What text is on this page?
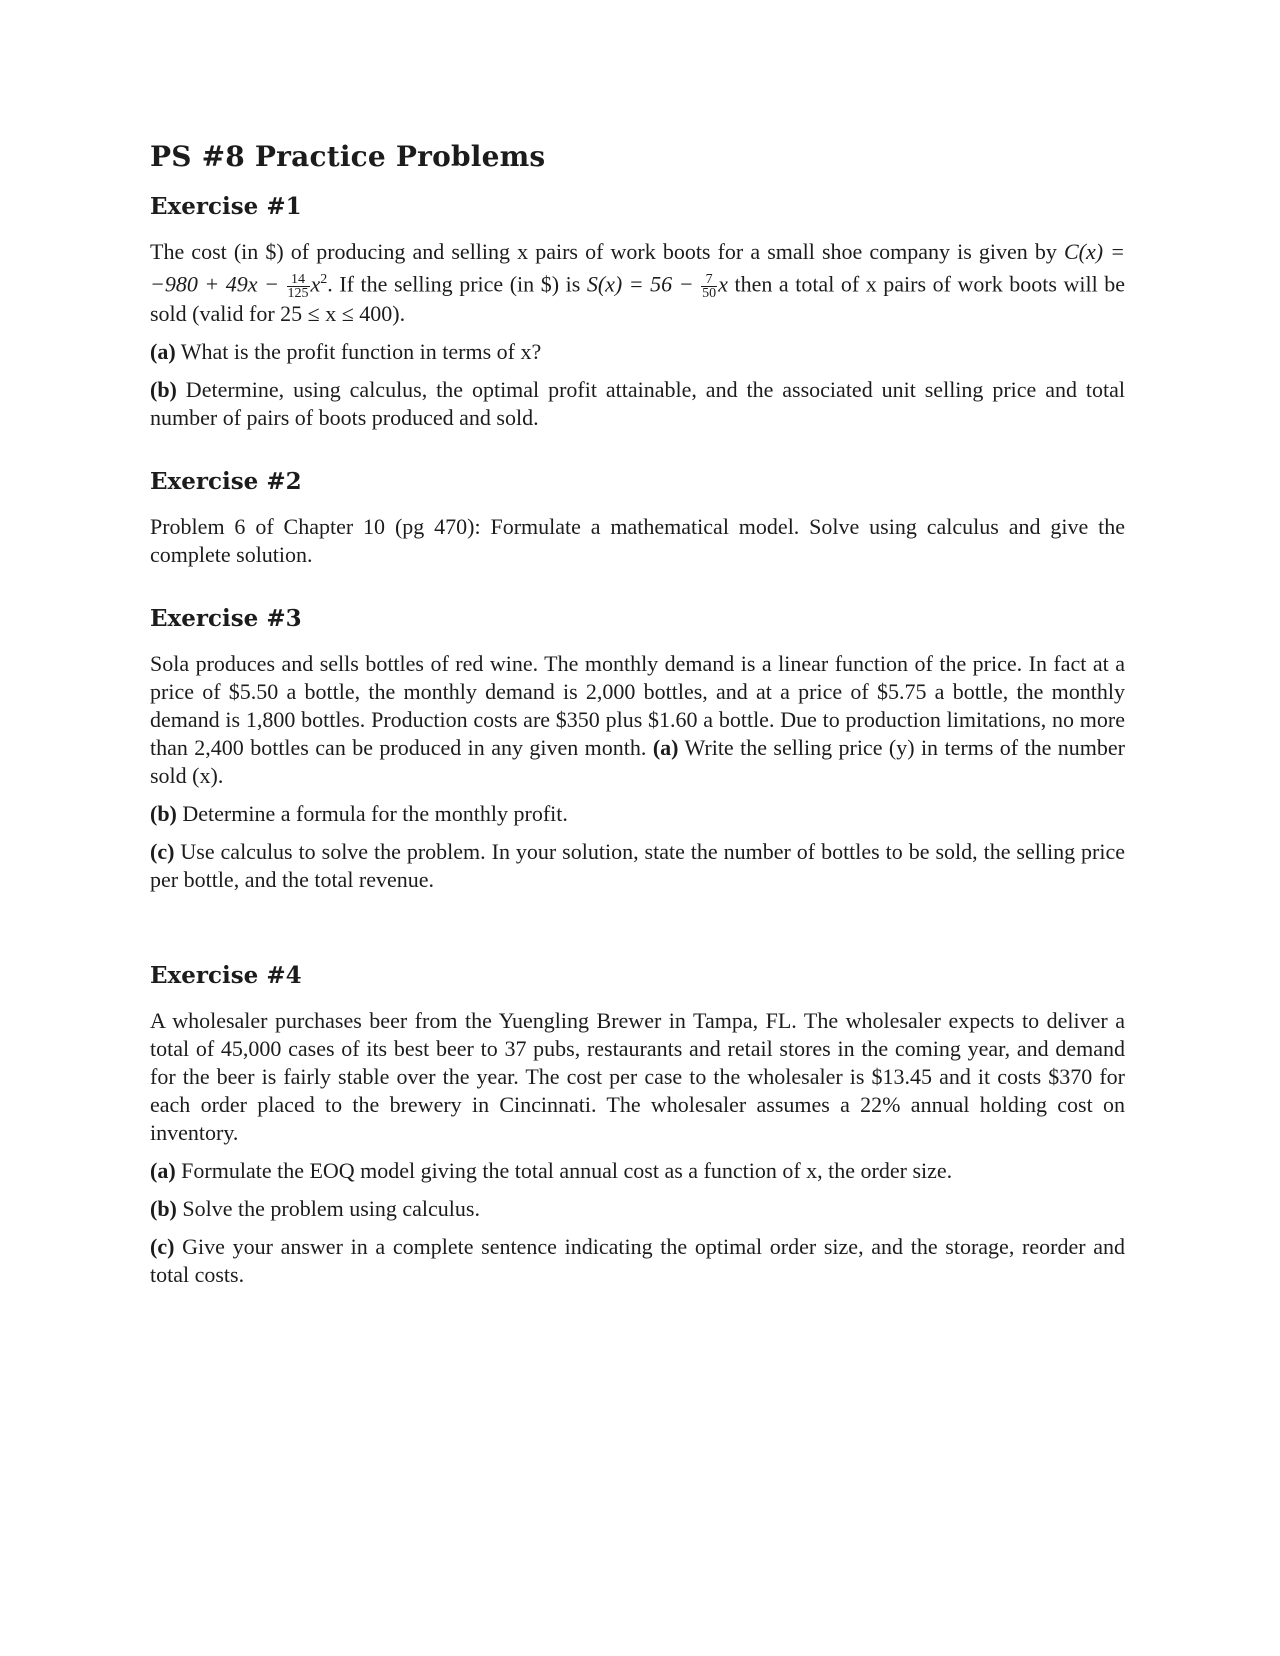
PS #8 Practice Problems
Exercise #1

The cost (in $) of producing and selling x pairs of work boots for a small shoe company is given by $C(x) = -980 + 49x - \frac{14}{125} x^2$. If the selling price (in $) is $S(x) = 56 - \frac{7}{50}$ x then a total of x pairs of work boots will be sold (valid for 25 ≤ x ≤ 400).

(a) What is the profit function in terms of x?

(b) Determine, using calculus, the optimal profit attainable, and the associated unit selling price and total number of pairs of boots produced and sold.

Exercise #2

Problem 6 of Chapter 10 (pg 470): Formulate a mathematical model. Solve using calculus and give the complete solution.

Exercise #3

Sola produces and sells bottles of red wine. The monthly demand is a linear function of the price. In fact at a price of $5.50 a bottle, the monthly demand is 2,000 bottles, and at a price of $5.75 a bottle, the monthly demand is 1,800 bottles. Production costs are $350 plus $1.60 a bottle. Due to production limitations, no more than 2,400 bottles can be produced in any given month. (a) Write the selling price (y) in terms of the number sold (x).

(b) Determine a formula for the monthly profit.

(c) Use calculus to solve the problem. In your solution, state the number of bottles to be sold, the selling price per bottle, and the total revenue.

Exercise #4

A wholesaler purchases beer from the Yuengling Brewer in Tampa, FL. The wholesaler expects to deliver a total of 45,000 cases of its best beer to 37 pubs, restaurants and retail stores in the coming year, and demand for the beer is fairly stable over the year. The cost per case to the wholesaler is $13.45 and it costs $370 for each order placed to the brewery in Cincinnati. The wholesaler assumes a 22% annual holding cost on inventory.

(a) Formulate the EOQ model giving the total annual cost as a function of x, the order size.

(b) Solve the problem using calculus.

(c) Give your answer in a complete sentence indicating the optimal order size, and the storage, reorder and total costs.
